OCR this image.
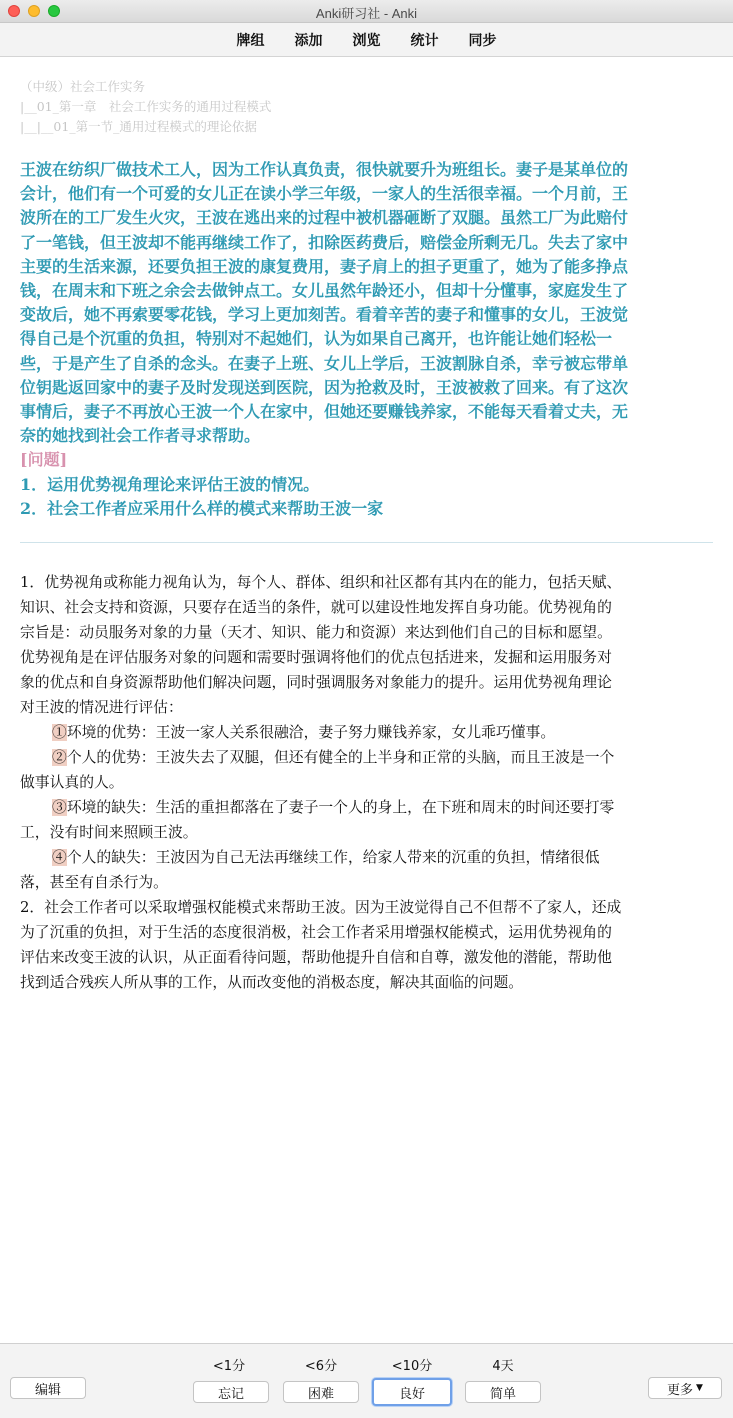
Anki研习社 - Anki
牌组 添加 浏览 统计 同步
（中级）社会工作实务
|__01_第一章　社会工作实务的通用过程模式
|__|__01_第一节_通用过程模式的理论依据
王波在纺织厂做技术工人，因为工作认真负责，很快就要升为班组长。妻子是某单位的
会计，他们有一个可爱的女儿正在读小学三年级，一家人的生活很幸福。一个月前，王
波所在的工厂发生火灾，王波在逃出来的过程中被机器砸断了双腿。虽然工厂为此赔付
了一笔钱，但王波却不能再继续工作了，扣除医药费后，赔偿金所剩无几。失去了家中
主要的生活来源，还要负担王波的康复费用，妻子肩上的担子更重了，她为了能多挣点
钱，在周末和下班之余会去做钟点工。女儿虽然年龄还小，但却十分懂事，家庭发生了
变故后，她不再索要零花钱，学习上更加刻苦。看着辛苦的妻子和懂事的女儿，王波觉
得自己是个沉重的负担，特别对不起她们，认为如果自己离开，也许能让她们轻松一
些，于是产生了自杀的念头。在妻子上班、女儿上学后，王波割脉自杀，幸亏被忘带单
位钥匙返回家中的妻子及时发现送到医院，因为抢救及时，王波被救了回来。有了这次
事情后，妻子不再放心王波一个人在家中，但她还要赚钱养家，不能每天看着丈夫，无
奈的她找到社会工作者寻求帮助。
[问题]
1．运用优势视角理论来评估王波的情况。
2．社会工作者应采用什么样的模式来帮助王波一家
1．优势视角或称能力视角认为，每个人、群体、组织和社区都有其内在的能力，包括天赋、
知识、社会支持和资源，只要存在适当的条件，就可以建设性地发挥自身功能。优势视角的
宗旨是：动员服务对象的力量（天才、知识、能力和资源）来达到他们自己的目标和愿望。
优势视角是在评估服务对象的问题和需要时强调将他们的优点包括进来，发掘和运用服务对
象的优点和自身资源帮助他们解决问题，同时强调服务对象能力的提升。运用优势视角理论
对王波的情况进行评估：
①环境的优势：王波一家人关系很融洽，妻子努力赚钱养家，女儿乖巧懂事。
②个人的优势：王波失去了双腿，但还有健全的上半身和正常的头脑，而且王波是一个
做事认真的人。
③环境的缺失：生活的重担都落在了妻子一个人的身上，在下班和周末的时间还要打零
工，没有时间来照顾王波。
④个人的缺失：王波因为自己无法再继续工作，给家人带来的沉重的负担，情绪很低
落，甚至有自杀行为。
2．社会工作者可以采取增强权能模式来帮助王波。因为王波觉得自己不但帮不了家人，还成
为了沉重的负担，对于生活的态度很消极，社会工作者采用增强权能模式，运用优势视角的
评估来改变王波的认识，从正面看待问题，帮助他提升自信和自尊，激发他的潜能，帮助他
找到适合残疾人所从事的工作，从而改变他的消极态度，解决其面临的问题。
编辑
<1分	<6分	<10分	4天
忘记	困难	良好	简单	更多 ▼
